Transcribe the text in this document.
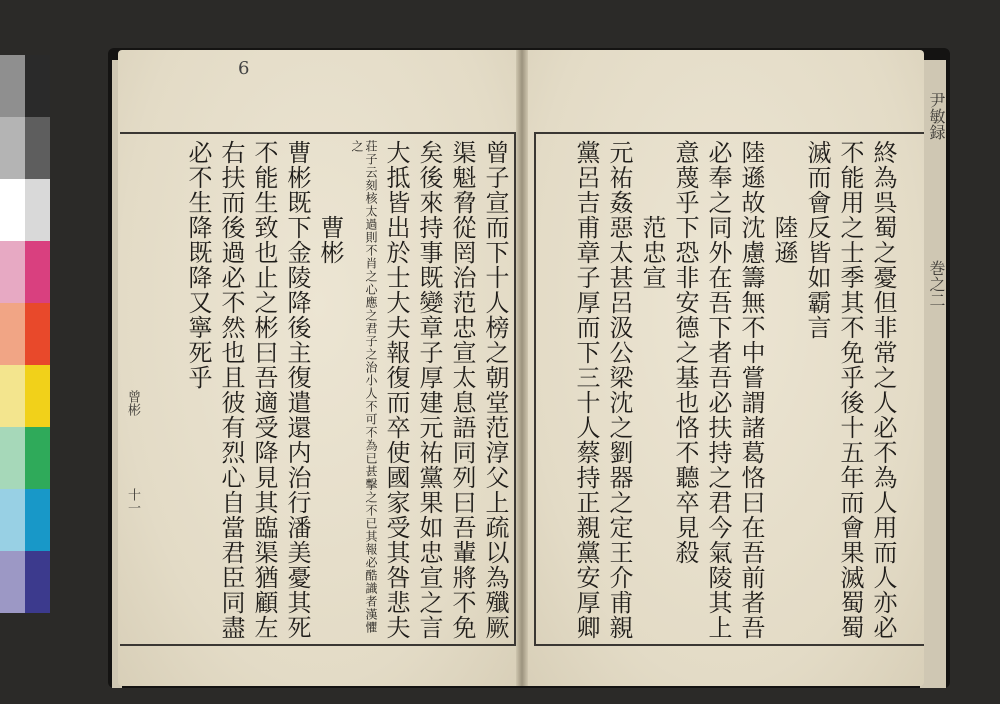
尹敏録
巻之二
曾彬
十一
6
終為呉蜀之憂但非常之人必不為人用而人亦必
不能用之士季其不免乎後十五年而會果滅蜀蜀
滅而會反皆如霸言
　　　陸遜
陸遜故沈慮籌無不中嘗謂諸葛恪曰在吾前者吾
必奉之同外在吾下者吾必扶持之君今氣陵其上
意蔑乎下恐非安德之基也恪不聽卒見殺
　　　范忠宣
元祐姦惡太甚呂汲公梁沈之劉器之定王介甫親
黨呂吉甫章子厚而下三十人蔡持正親黨安厚卿
曾子宣而下十人榜之朝堂范淳父上疏以為殲厥
渠魁脅從罔治范忠宣太息語同列曰吾輩將不免
矣後來持事既變章子厚建元祐黨果如忠宣之言
大抵皆出於士大夫報復而卒使國家受其咎悲夫
荘子云刻核太過則不肖之心應之君子之治小人不可不為已甚擊之不已其報必酷識者漢懼之
　　　曹彬
曹彬既下金陵降後主復遣還内治行潘美憂其死
不能生致也止之彬曰吾適受降見其臨渠猶顧左
右扶而後過必不然也且彼有烈心自當君臣同盡
必不生降既降又寧死乎
